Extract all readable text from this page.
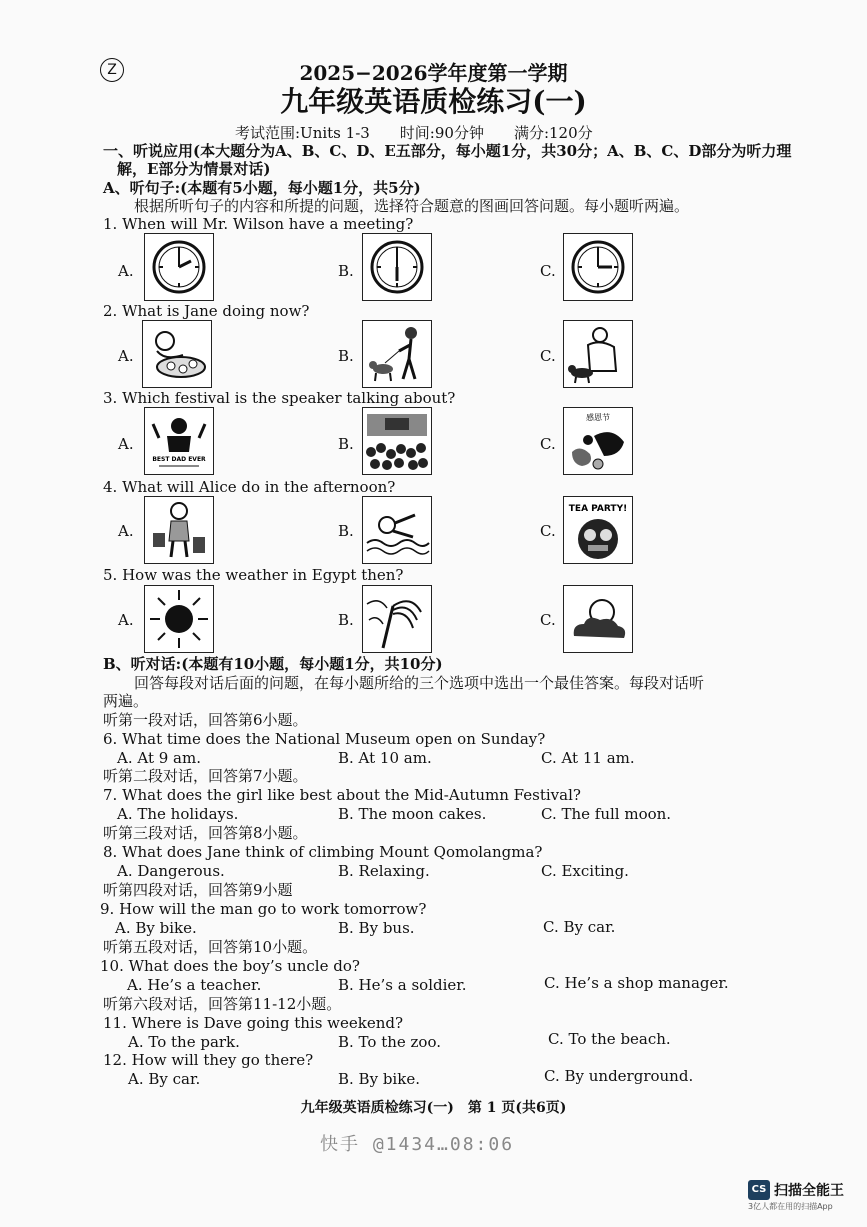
Z	2025−2026学年度第一学期
九年级英语质检练习(一)
考试范围:Units 1-3　　时间:90分钟　　满分:120分
一、听说应用(本大题分为A、B、C、D、E五部分，每小题1分，共30分；A、B、C、D部分为听力理
解，E部分为情景对话)
A、听句子:(本题有5小题，每小题1分，共5分)
根据所听句子的内容和所提的问题，选择符合题意的图画回答问题。每小题听两遍。
1. When will Mr. Wilson have a meeting?
A.	B.	C.
2. What is Jane doing now?
A.	B.	C.
3. Which festival is the speaker talking about?
A.
BEST DAD EVER
B.	C.
感恩节
4. What will Alice do in the afternoon?
A.	B.	C.
TEA PARTY!
5. How was the weather in Egypt then?
A.	B.	C.
B、听对话:(本题有10小题，每小题1分，共10分)
回答每段对话后面的问题，在每小题所给的三个选项中选出一个最佳答案。每段对话听
两遍。
听第一段对话，回答第6小题。
6. What time does the National Museum open on Sunday?
A. At 9 am.	B. At 10 am.	C. At 11 am.
听第二段对话，回答第7小题。
7. What does the girl like best about the Mid-Autumn Festival?
A. The holidays.	B. The moon cakes.	C. The full moon.
听第三段对话，回答第8小题。
8. What does Jane think of climbing Mount Qomolangma?
A. Dangerous.	B. Relaxing.	C. Exciting.
听第四段对话，回答第9小题
9. How will the man go to work tomorrow?
A. By bike.	B. By bus.	C. By car.
听第五段对话，回答第10小题。
10. What does the boy’s uncle do?
A. He’s a teacher.	B. He’s a soldier.	C. He’s a shop manager.
听第六段对话，回答第11-12小题。
11. Where is Dave going this weekend?
A. To the park.	B. To the zoo.	C. To the beach.
12. How will they go there?
A. By car.	B. By bike.	C. By underground.
九年级英语质检练习(一)　第 1 页(共6页)
快手 @1434…08:06
CS 扫描全能王
3亿人都在用的扫描App
